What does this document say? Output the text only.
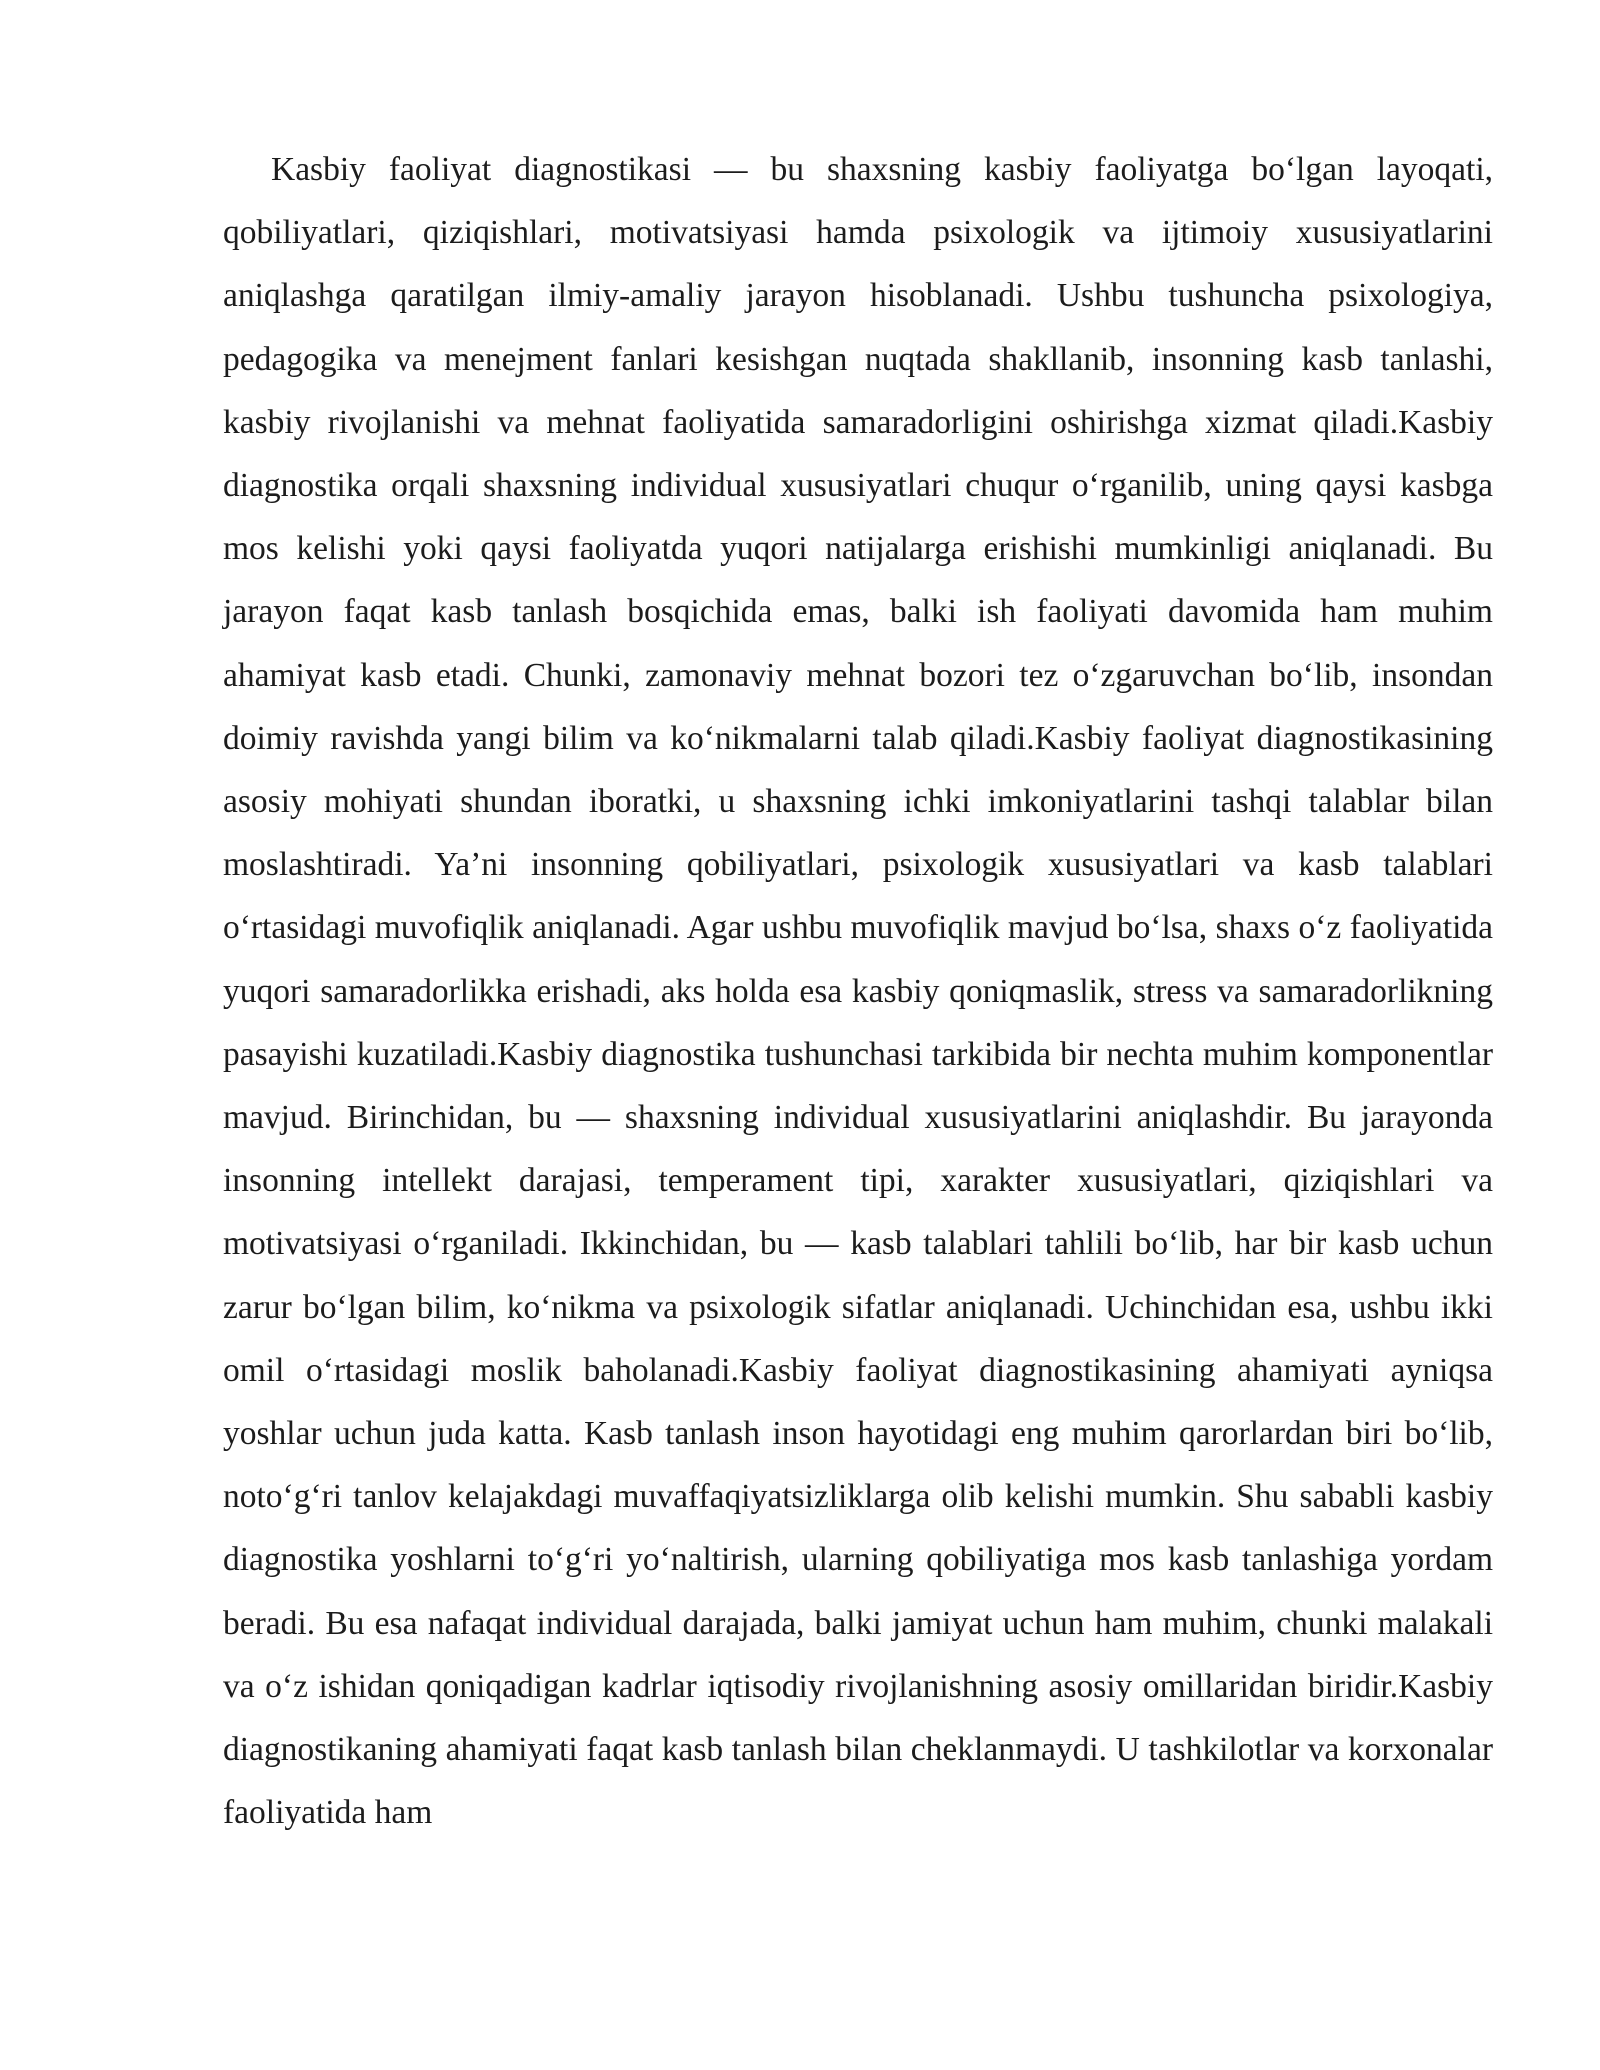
Kasbiy faoliyat diagnostikasi — bu shaxsning kasbiy faoliyatga boʻlgan layoqati, qobiliyatlari, qiziqishlari, motivatsiyasi hamda psixologik va ijtimoiy xususiyatlarini aniqlashga qaratilgan ilmiy-amaliy jarayon hisoblanadi. Ushbu tushuncha psixologiya, pedagogika va menejment fanlari kesishgan nuqtada shakllanib, insonning kasb tanlashi, kasbiy rivojlanishi va mehnat faoliyatida samaradorligini oshirishga xizmat qiladi.Kasbiy diagnostika orqali shaxsning individual xususiyatlari chuqur oʻrganilib, uning qaysi kasbga mos kelishi yoki qaysi faoliyatda yuqori natijalarga erishishi mumkinligi aniqlanadi. Bu jarayon faqat kasb tanlash bosqichida emas, balki ish faoliyati davomida ham muhim ahamiyat kasb etadi. Chunki, zamonaviy mehnat bozori tez oʻzgaruvchan boʻlib, insondan doimiy ravishda yangi bilim va koʻnikmalarni talab qiladi.Kasbiy faoliyat diagnostikasining asosiy mohiyati shundan iboratki, u shaxsning ichki imkoniyatlarini tashqi talablar bilan moslashtiradi. Ya’ni insonning qobiliyatlari, psixologik xususiyatlari va kasb talablari oʻrtasidagi muvofiqlik aniqlanadi. Agar ushbu muvofiqlik mavjud boʻlsa, shaxs oʻz faoliyatida yuqori samaradorlikka erishadi, aks holda esa kasbiy qoniqmaslik, stress va samaradorlikning pasayishi kuzatiladi.Kasbiy diagnostika tushunchasi tarkibida bir nechta muhim komponentlar mavjud. Birinchidan, bu — shaxsning individual xususiyatlarini aniqlashdir. Bu jarayonda insonning intellekt darajasi, temperament tipi, xarakter xususiyatlari, qiziqishlari va motivatsiyasi oʻrganiladi. Ikkinchidan, bu — kasb talablari tahlili boʻlib, har bir kasb uchun zarur boʻlgan bilim, koʻnikma va psixologik sifatlar aniqlanadi. Uchinchidan esa, ushbu ikki omil oʻrtasidagi moslik baholanadi.Kasbiy faoliyat diagnostikasining ahamiyati ayniqsa yoshlar uchun juda katta. Kasb tanlash inson hayotidagi eng muhim qarorlardan biri boʻlib, notoʻgʻri tanlov kelajakdagi muvaffaqiyatsizliklarga olib kelishi mumkin. Shu sababli kasbiy diagnostika yoshlarni toʻgʻri yoʻnaltirish, ularning qobiliyatiga mos kasb tanlashiga yordam beradi. Bu esa nafaqat individual darajada, balki jamiyat uchun ham muhim, chunki malakali va oʻz ishidan qoniqadigan kadrlar iqtisodiy rivojlanishning asosiy omillaridan biridir.Kasbiy diagnostikaning ahamiyati faqat kasb tanlash bilan cheklanmaydi. U tashkilotlar va korxonalar faoliyatida ham
